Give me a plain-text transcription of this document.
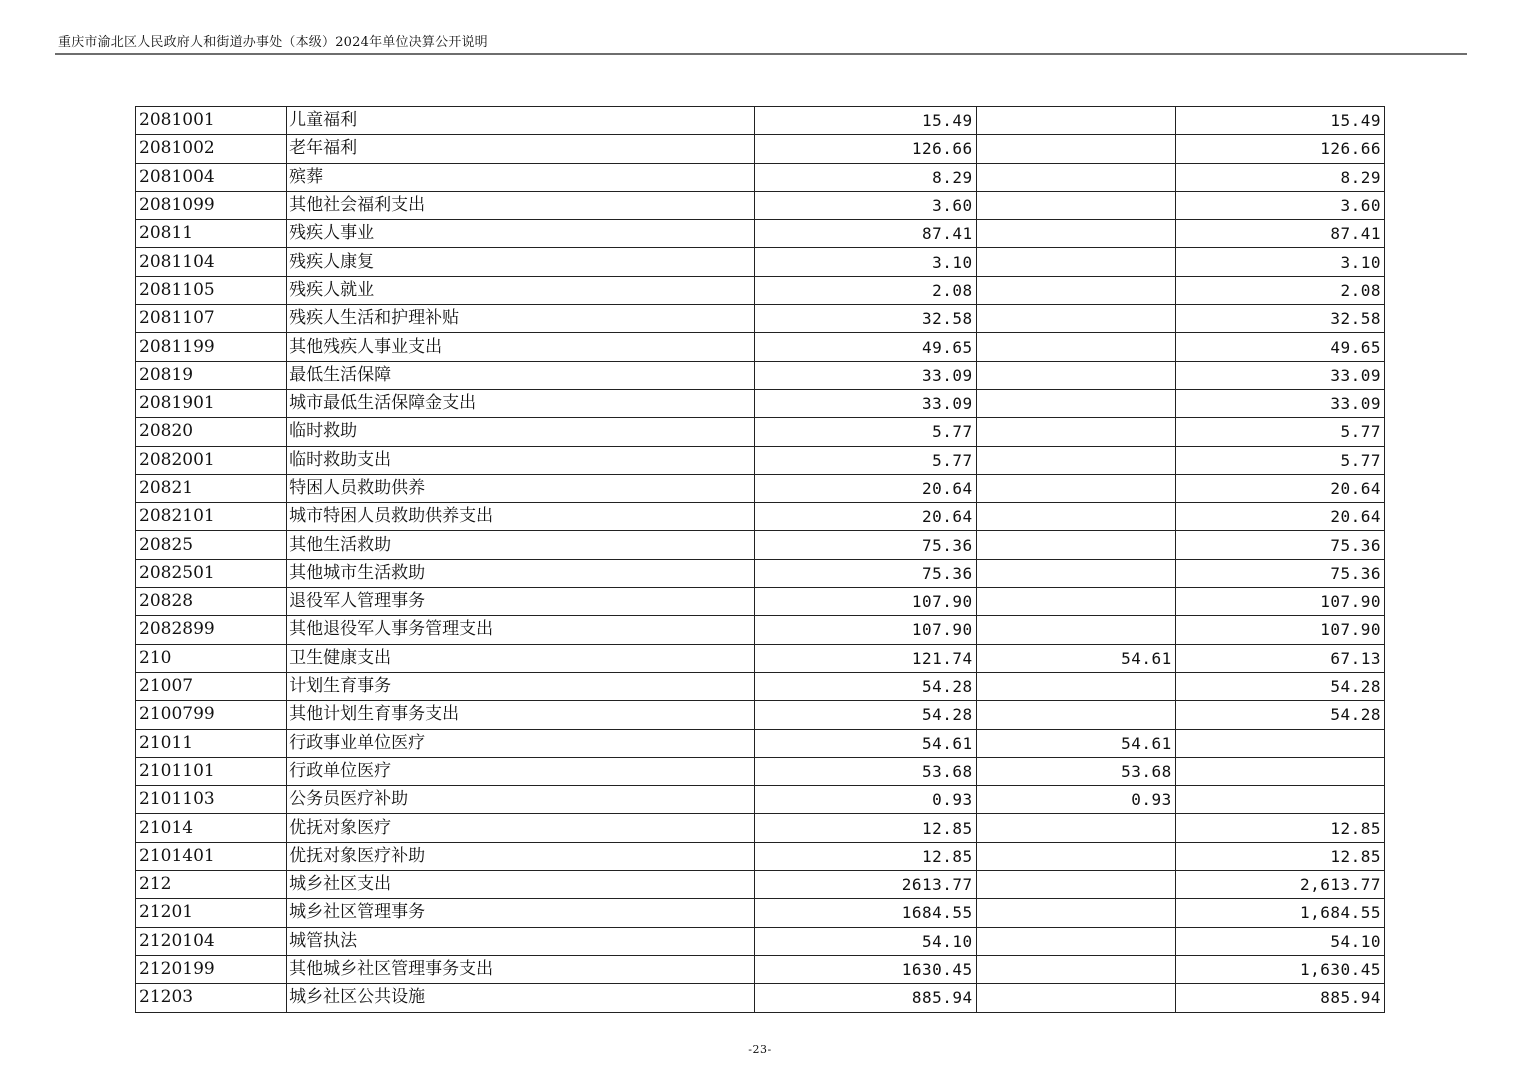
重庆市渝北区人民政府人和街道办事处（本级）2024年单位决算公开说明
2081001	儿童福利	15.49		15.49
2081002	老年福利	126.66		126.66
2081004	殡葬	8.29		8.29
2081099	其他社会福利支出	3.60		3.60
20811	残疾人事业	87.41		87.41
2081104	残疾人康复	3.10		3.10
2081105	残疾人就业	2.08		2.08
2081107	残疾人生活和护理补贴	32.58		32.58
2081199	其他残疾人事业支出	49.65		49.65
20819	最低生活保障	33.09		33.09
2081901	城市最低生活保障金支出	33.09		33.09
20820	临时救助	5.77		5.77
2082001	临时救助支出	5.77		5.77
20821	特困人员救助供养	20.64		20.64
2082101	城市特困人员救助供养支出	20.64		20.64
20825	其他生活救助	75.36		75.36
2082501	其他城市生活救助	75.36		75.36
20828	退役军人管理事务	107.90		107.90
2082899	其他退役军人事务管理支出	107.90		107.90
210	卫生健康支出	121.74	54.61	67.13
21007	计划生育事务	54.28		54.28
2100799	其他计划生育事务支出	54.28		54.28
21011	行政事业单位医疗	54.61	54.61	
2101101	行政单位医疗	53.68	53.68	
2101103	公务员医疗补助	0.93	0.93	
21014	优抚对象医疗	12.85		12.85
2101401	优抚对象医疗补助	12.85		12.85
212	城乡社区支出	2613.77		2,613.77
21201	城乡社区管理事务	1684.55		1,684.55
2120104	城管执法	54.10		54.10
2120199	其他城乡社区管理事务支出	1630.45		1,630.45
21203	城乡社区公共设施	885.94		885.94
-23-
